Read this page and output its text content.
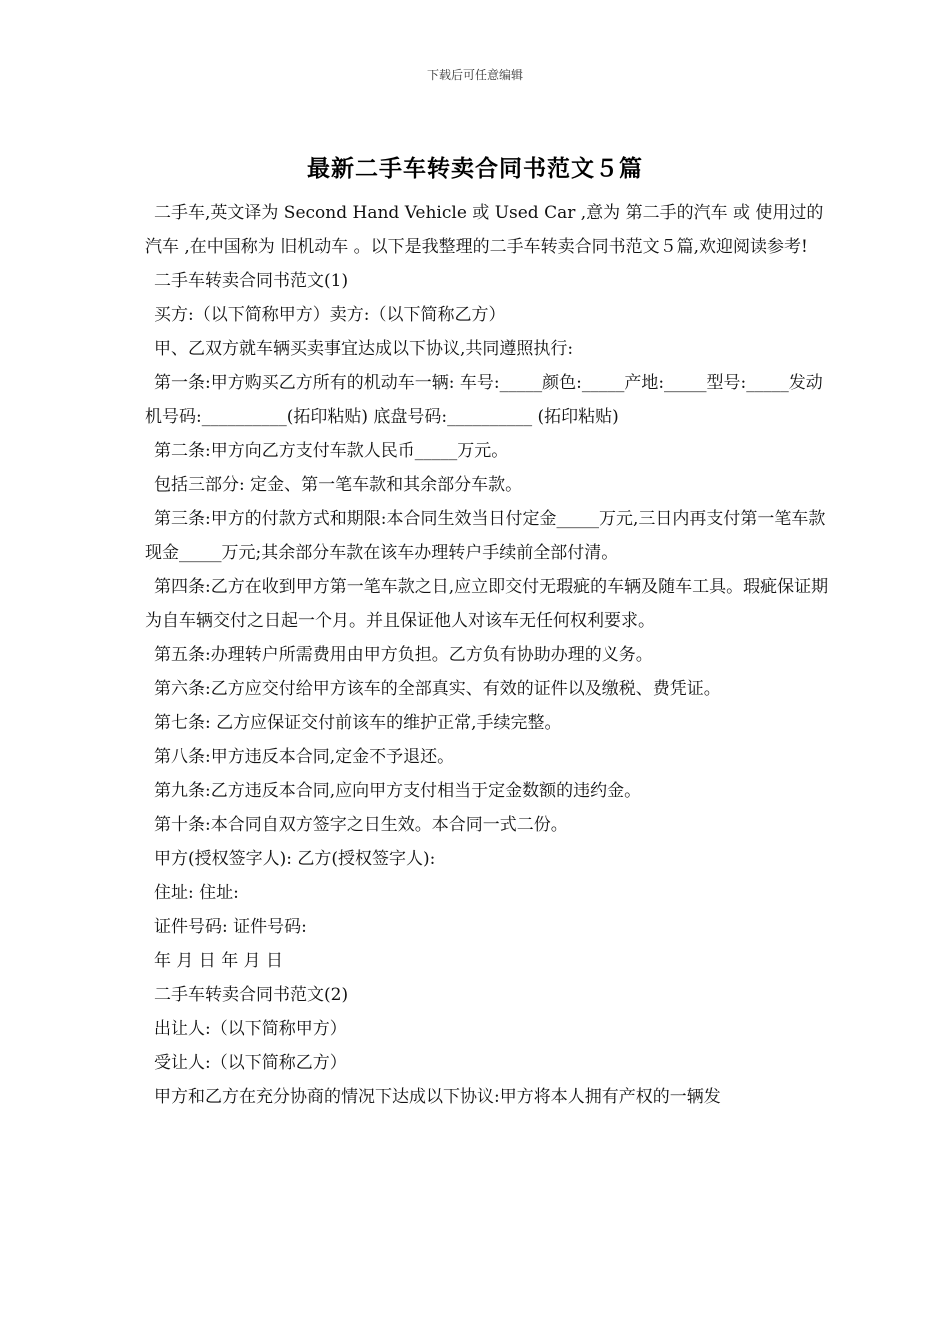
下载后可任意编辑
最新二手车转卖合同书范文５篇

二手车,英文译为 Second Hand Vehicle 或 Used Car ,意为 第二手的汽车 或 使用过的汽车 ,在中国称为 旧机动车 。以下是我整理的二手车转卖合同书范文５篇,欢迎阅读参考!

二手车转卖合同书范文(1)

买方:（以下简称甲方）卖方:（以下简称乙方）

甲、乙双方就车辆买卖事宜达成以下协议,共同遵照执行:

第一条:甲方购买乙方所有的机动车一辆: 车号:_____颜色:_____产地:_____型号:_____发动机号码:__________(拓印粘贴) 底盘号码:__________ (拓印粘贴)

第二条:甲方向乙方支付车款人民币_____万元。

包括三部分: 定金、第一笔车款和其余部分车款。

第三条:甲方的付款方式和期限:本合同生效当日付定金_____万元,三日内再支付第一笔车款现金_____万元;其余部分车款在该车办理转户手续前全部付清。

第四条:乙方在收到甲方第一笔车款之日,应立即交付无瑕疵的车辆及随车工具。瑕疵保证期为自车辆交付之日起一个月。并且保证他人对该车无任何权利要求。

第五条:办理转户所需费用由甲方负担。乙方负有协助办理的义务。

第六条:乙方应交付给甲方该车的全部真实、有效的证件以及缴税、费凭证。

第七条: 乙方应保证交付前该车的维护正常,手续完整。

第八条:甲方违反本合同,定金不予退还。

第九条:乙方违反本合同,应向甲方支付相当于定金数额的违约金。

第十条:本合同自双方签字之日生效。本合同一式二份。

甲方(授权签字人): 乙方(授权签字人):

住址: 住址:

证件号码: 证件号码:

年 月 日 年 月 日

二手车转卖合同书范文(2)

出让人:（以下简称甲方）

受让人:（以下简称乙方）

甲方和乙方在充分协商的情况下达成以下协议:甲方将本人拥有产权的一辆发
